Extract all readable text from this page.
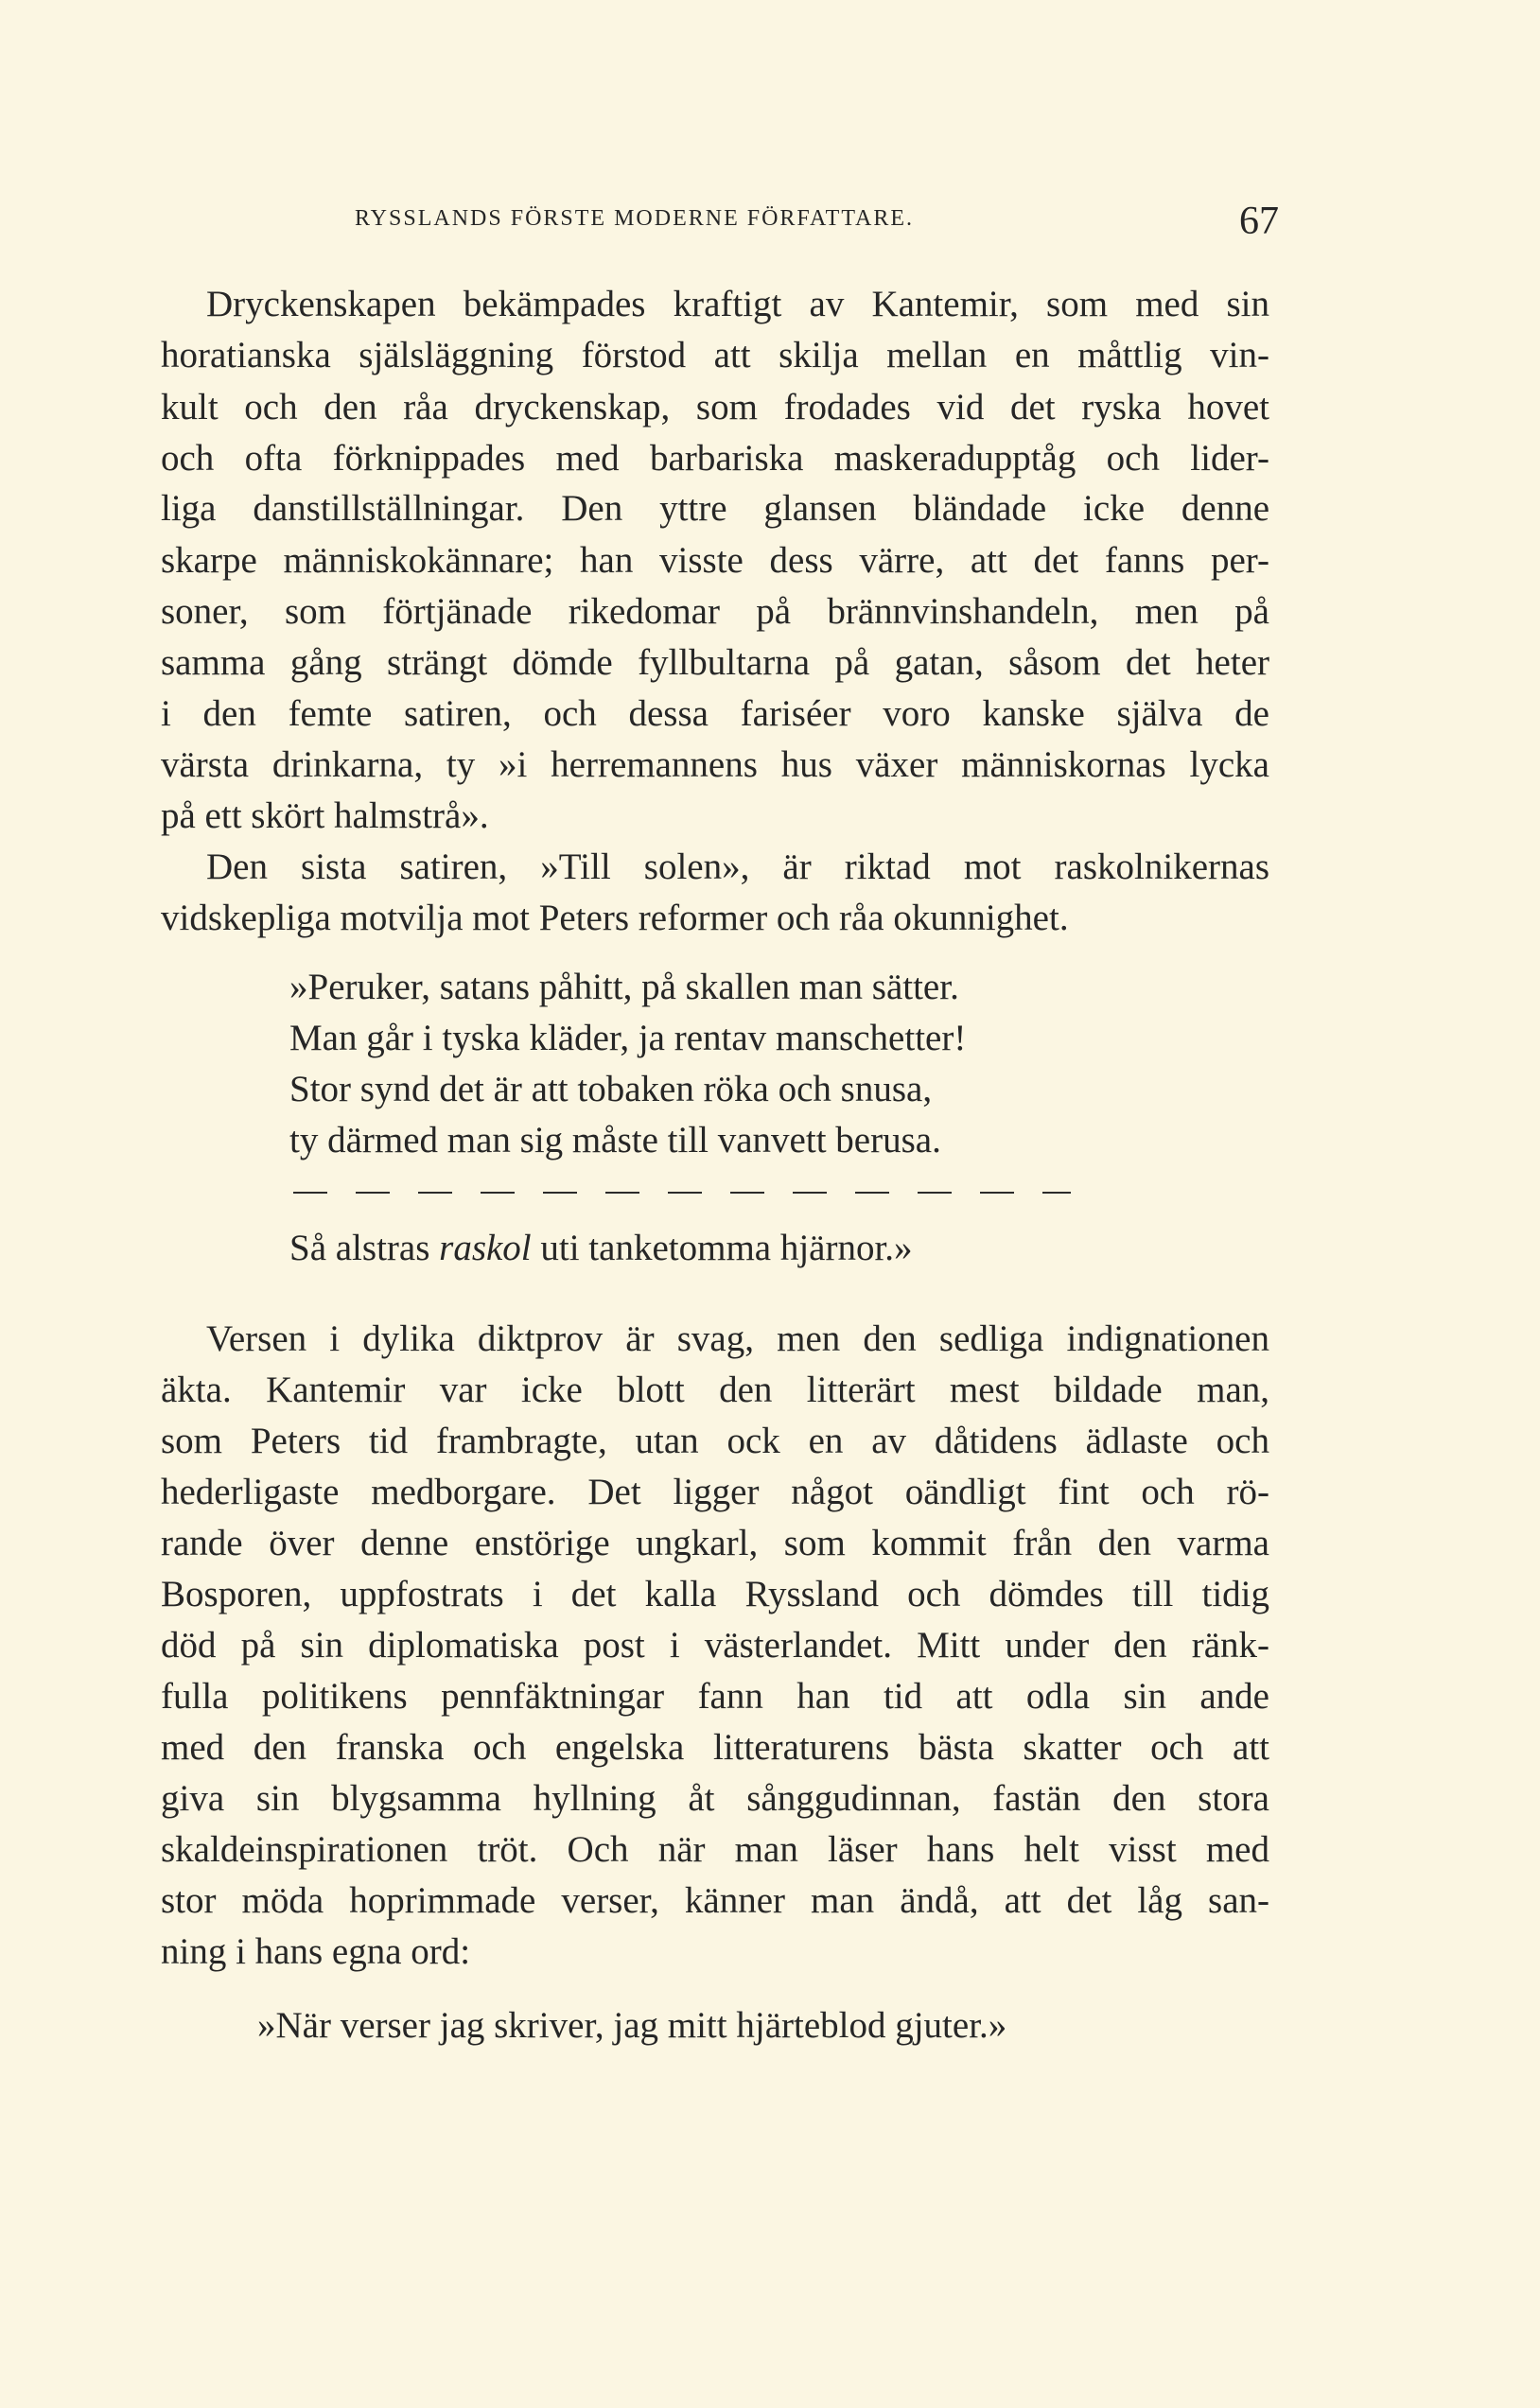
RYSSLANDS FÖRSTE MODERNE FÖRFATTARE.	67
Dryckenskapen bekämpades kraftigt av Kantemir, som med sin
horatianska själsläggning förstod att skilja mellan en måttlig vin-
kult och den råa dryckenskap, som frodades vid det ryska hovet
och ofta förknippades med barbariska maskeradupptåg och lider-
liga danstillställningar. Den yttre glansen bländade icke denne
skarpe människokännare; han visste dess värre, att det fanns per-
soner, som förtjänade rikedomar på brännvinshandeln, men på
samma gång strängt dömde fyllbultarna på gatan, såsom det heter
i den femte satiren, och dessa fariséer voro kanske själva de
värsta drinkarna, ty »i herremannens hus växer människornas lycka
på ett skört halmstrå».
Den sista satiren, »Till solen», är riktad mot raskolnikernas
vidskepliga motvilja mot Peters reformer och råa okunnighet.
»Peruker, satans påhitt, på skallen man sätter.
Man går i tyska kläder, ja rentav manschetter!
Stor synd det är att tobaken röka och snusa,
ty därmed man sig måste till vanvett berusa.
Så alstras raskol uti tanketomma hjärnor.»
Versen i dylika diktprov är svag, men den sedliga indignationen
äkta. Kantemir var icke blott den litterärt mest bildade man,
som Peters tid frambragte, utan ock en av dåtidens ädlaste och
hederligaste medborgare. Det ligger något oändligt fint och rö-
rande över denne enstörige ungkarl, som kommit från den varma
Bosporen, uppfostrats i det kalla Ryssland och dömdes till tidig
död på sin diplomatiska post i västerlandet. Mitt under den ränk-
fulla politikens pennfäktningar fann han tid att odla sin ande
med den franska och engelska litteraturens bästa skatter och att
giva sin blygsamma hyllning åt sånggudinnan, fastän den stora
skaldeinspirationen tröt. Och när man läser hans helt visst med
stor möda hoprimmade verser, känner man ändå, att det låg san-
ning i hans egna ord:
»När verser jag skriver, jag mitt hjärteblod gjuter.»
